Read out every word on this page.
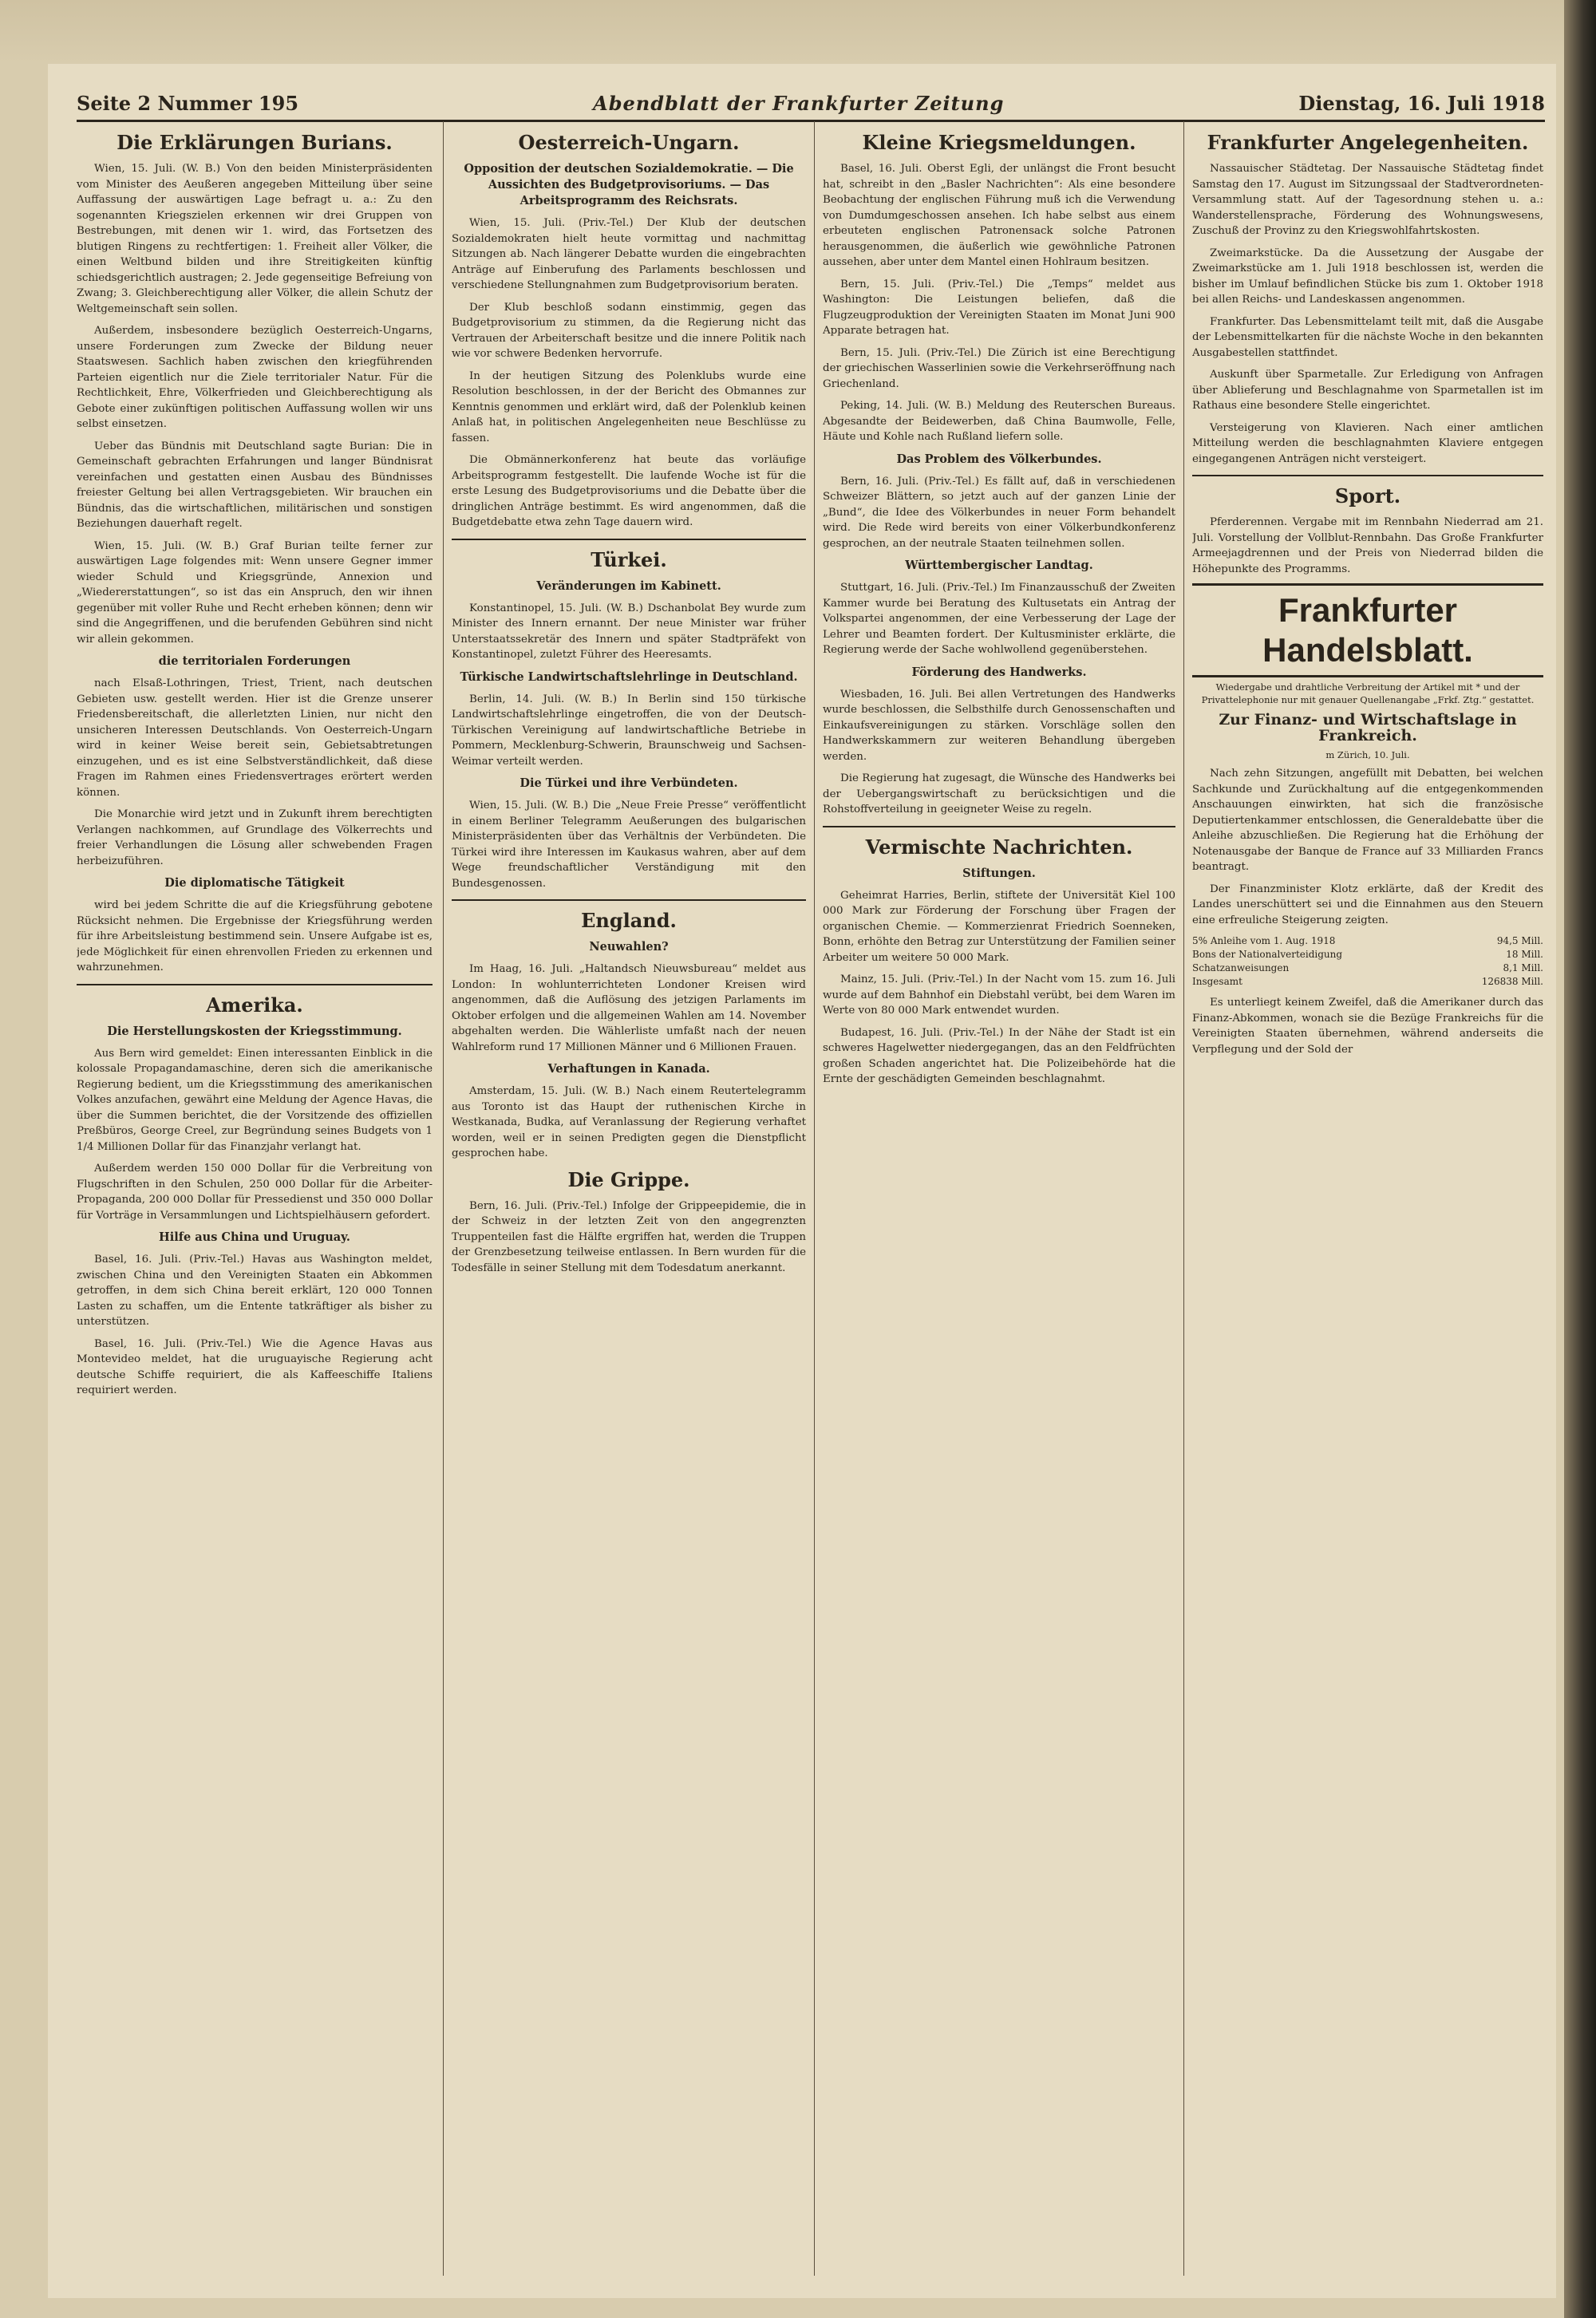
Seite 2 Nummer 195	Abendblatt der Frankfurter Zeitung	Dienstag, 16. Juli 1918
Die Erklärungen Burians.

Wien, 15. Juli. (W. B.) Von den beiden Ministerpräsidenten vom Minister des Aeußeren angegeben Mitteilung über seine Auffassung der auswärtigen Lage befragt u. a.: Zu den sogenannten Kriegszielen erkennen wir drei Gruppen von Bestrebungen, mit denen wir 1. wird, das Fortsetzen des blutigen Ringens zu rechtfertigen: 1. Freiheit aller Völker, die einen Weltbund bilden und ihre Streitigkeiten künftig schiedsgerichtlich austragen; 2. Jede gegenseitige Befreiung von Zwang; 3. Gleichberechtigung aller Völker, die allein Schutz der Weltgemeinschaft sein sollen.

Außerdem, insbesondere bezüglich Oesterreich-Ungarns, unsere Forderungen zum Zwecke der Bildung neuer Staatswesen. Sachlich haben zwischen den kriegführenden Parteien eigentlich nur die Ziele territorialer Natur. Für die Rechtlichkeit, Ehre, Völkerfrieden und Gleichberechtigung als Gebote einer zukünftigen politischen Auffassung wollen wir uns selbst einsetzen.

Ueber das Bündnis mit Deutschland sagte Burian: Die in Gemeinschaft gebrachten Erfahrungen und langer Bündnisrat vereinfachen und gestatten einen Ausbau des Bündnisses freiester Geltung bei allen Vertragsgebieten. Wir brauchen ein Bündnis, das die wirtschaftlichen, militärischen und sonstigen Beziehungen dauerhaft regelt.

Wien, 15. Juli. (W. B.) Graf Burian teilte ferner zur auswärtigen Lage folgendes mit: Wenn unsere Gegner immer wieder Schuld und Kriegsgründe, Annexion und „Wiedererstattungen“, so ist das ein Anspruch, den wir ihnen gegenüber mit voller Ruhe und Recht erheben können; denn wir sind die Angegriffenen, und die berufenden Gebühren sind nicht wir allein gekommen.

die territorialen Forderungen

nach Elsaß-Lothringen, Triest, Trient, nach deutschen Gebieten usw. gestellt werden. Hier ist die Grenze unserer Friedensbereitschaft, die allerletzten Linien, nur nicht den unsicheren Interessen Deutschlands. Von Oesterreich-Ungarn wird in keiner Weise bereit sein, Gebietsabtretungen einzugehen, und es ist eine Selbstverständlichkeit, daß diese Fragen im Rahmen eines Friedensvertrages erörtert werden können.

Die Monarchie wird jetzt und in Zukunft ihrem berechtigten Verlangen nachkommen, auf Grundlage des Völkerrechts und freier Verhandlungen die Lösung aller schwebenden Fragen herbeizuführen.

Die diplomatische Tätigkeit

wird bei jedem Schritte die auf die Kriegsführung gebotene Rücksicht nehmen. Die Ergebnisse der Kriegsführung werden für ihre Arbeitsleistung bestimmend sein. Unsere Aufgabe ist es, jede Möglichkeit für einen ehrenvollen Frieden zu erkennen und wahrzunehmen.

Amerika.
Die Herstellungskosten der Kriegsstimmung.

Aus Bern wird gemeldet: Einen interessanten Einblick in die kolossale Propagandamaschine, deren sich die amerikanische Regierung bedient, um die Kriegsstimmung des amerikanischen Volkes anzufachen, gewährt eine Meldung der Agence Havas, die über die Summen berichtet, die der Vorsitzende des offiziellen Preßbüros, George Creel, zur Begründung seines Budgets von 1 1/4 Millionen Dollar für das Finanzjahr verlangt hat.

Außerdem werden 150 000 Dollar für die Verbreitung von Flugschriften in den Schulen, 250 000 Dollar für die Arbeiter-Propaganda, 200 000 Dollar für Pressedienst und 350 000 Dollar für Vorträge in Versammlungen und Lichtspielhäusern gefordert.

Hilfe aus China und Uruguay.

Basel, 16. Juli. (Priv.-Tel.) Havas aus Washington meldet, zwischen China und den Vereinigten Staaten ein Abkommen getroffen, in dem sich China bereit erklärt, 120 000 Tonnen Lasten zu schaffen, um die Entente tatkräftiger als bisher zu unterstützen.

Basel, 16. Juli. (Priv.-Tel.) Wie die Agence Havas aus Montevideo meldet, hat die uruguayische Regierung acht deutsche Schiffe requiriert, die als Kaffeeschiffe Italiens requiriert werden.

Oesterreich-Ungarn.
Opposition der deutschen Sozialdemokratie. — Die Aussichten des Budgetprovisoriums. — Das Arbeitsprogramm des Reichsrats.

Wien, 15. Juli. (Priv.-Tel.) Der Klub der deutschen Sozialdemokraten hielt heute vormittag und nachmittag Sitzungen ab. Nach längerer Debatte wurden die eingebrachten Anträge auf Einberufung des Parlaments beschlossen und verschiedene Stellungnahmen zum Budgetprovisorium beraten.

Der Klub beschloß sodann einstimmig, gegen das Budgetprovisorium zu stimmen, da die Regierung nicht das Vertrauen der Arbeiterschaft besitze und die innere Politik nach wie vor schwere Bedenken hervorrufe.

In der heutigen Sitzung des Polenklubs wurde eine Resolution beschlossen, in der der Bericht des Obmannes zur Kenntnis genommen und erklärt wird, daß der Polenklub keinen Anlaß hat, in politischen Angelegenheiten neue Beschlüsse zu fassen.

Die Obmännerkonferenz hat beute das vorläufige Arbeitsprogramm festgestellt. Die laufende Woche ist für die erste Lesung des Budgetprovisoriums und die Debatte über die dringlichen Anträge bestimmt. Es wird angenommen, daß die Budgetdebatte etwa zehn Tage dauern wird.

Türkei.
Veränderungen im Kabinett.

Konstantinopel, 15. Juli. (W. B.) Dschanbolat Bey wurde zum Minister des Innern ernannt. Der neue Minister war früher Unterstaatssekretär des Innern und später Stadtpräfekt von Konstantinopel, zuletzt Führer des Heeresamts.

Türkische Landwirtschaftslehrlinge in Deutschland.

Berlin, 14. Juli. (W. B.) In Berlin sind 150 türkische Landwirtschaftslehrlinge eingetroffen, die von der Deutsch-Türkischen Vereinigung auf landwirtschaftliche Betriebe in Pommern, Mecklenburg-Schwerin, Braunschweig und Sachsen-Weimar verteilt werden.

Die Türkei und ihre Verbündeten.

Wien, 15. Juli. (W. B.) Die „Neue Freie Presse“ veröffentlicht in einem Berliner Telegramm Aeußerungen des bulgarischen Ministerpräsidenten über das Verhältnis der Verbündeten. Die Türkei wird ihre Interessen im Kaukasus wahren, aber auf dem Wege freundschaftlicher Verständigung mit den Bundesgenossen.

England.
Neuwahlen?

Im Haag, 16. Juli. „Haltandsch Nieuwsbureau“ meldet aus London: In wohlunterrichteten Londoner Kreisen wird angenommen, daß die Auflösung des jetzigen Parlaments im Oktober erfolgen und die allgemeinen Wahlen am 14. November abgehalten werden. Die Wählerliste umfaßt nach der neuen Wahlreform rund 17 Millionen Männer und 6 Millionen Frauen.

Verhaftungen in Kanada.

Amsterdam, 15. Juli. (W. B.) Nach einem Reutertelegramm aus Toronto ist das Haupt der ruthenischen Kirche in Westkanada, Budka, auf Veranlassung der Regierung verhaftet worden, weil er in seinen Predigten gegen die Dienstpflicht gesprochen habe.

Die Grippe.

Bern, 16. Juli. (Priv.-Tel.) Infolge der Grippeepidemie, die in der Schweiz in der letzten Zeit von den angegrenzten Truppenteilen fast die Hälfte ergriffen hat, werden die Truppen der Grenzbesetzung teilweise entlassen. In Bern wurden für die Todesfälle in seiner Stellung mit dem Todesdatum anerkannt.

Kleine Kriegsmeldungen.

Basel, 16. Juli. Oberst Egli, der unlängst die Front besucht hat, schreibt in den „Basler Nachrichten“: Als eine besondere Beobachtung der englischen Führung muß ich die Verwendung von Dumdumgeschossen ansehen. Ich habe selbst aus einem erbeuteten englischen Patronensack solche Patronen herausgenommen, die äußerlich wie gewöhnliche Patronen aussehen, aber unter dem Mantel einen Hohlraum besitzen.

Bern, 15. Juli. (Priv.-Tel.) Die „Temps“ meldet aus Washington: Die Leistungen beliefen, daß die Flugzeugproduktion der Vereinigten Staaten im Monat Juni 900 Apparate betragen hat.

Bern, 15. Juli. (Priv.-Tel.) Die Zürich ist eine Berechtigung der griechischen Wasserlinien sowie die Verkehrseröffnung nach Griechenland.

Peking, 14. Juli. (W. B.) Meldung des Reuterschen Bureaus. Abgesandte der Beidewerben, daß China Baumwolle, Felle, Häute und Kohle nach Rußland liefern solle.

Das Problem des Völkerbundes.

Bern, 16. Juli. (Priv.-Tel.) Es fällt auf, daß in verschiedenen Schweizer Blättern, so jetzt auch auf der ganzen Linie der „Bund“, die Idee des Völkerbundes in neuer Form behandelt wird. Die Rede wird bereits von einer Völkerbundkonferenz gesprochen, an der neutrale Staaten teilnehmen sollen.

Württembergischer Landtag.

Stuttgart, 16. Juli. (Priv.-Tel.) Im Finanzausschuß der Zweiten Kammer wurde bei Beratung des Kultusetats ein Antrag der Volkspartei angenommen, der eine Verbesserung der Lage der Lehrer und Beamten fordert. Der Kultusminister erklärte, die Regierung werde der Sache wohlwollend gegenüberstehen.

Förderung des Handwerks.

Wiesbaden, 16. Juli. Bei allen Vertretungen des Handwerks wurde beschlossen, die Selbsthilfe durch Genossenschaften und Einkaufsvereinigungen zu stärken. Vorschläge sollen den Handwerkskammern zur weiteren Behandlung übergeben werden.

Die Regierung hat zugesagt, die Wünsche des Handwerks bei der Uebergangswirtschaft zu berücksichtigen und die Rohstoffverteilung in geeigneter Weise zu regeln.

Vermischte Nachrichten.
Stiftungen.

Geheimrat Harries, Berlin, stiftete der Universität Kiel 100 000 Mark zur Förderung der Forschung über Fragen der organischen Chemie. — Kommerzienrat Friedrich Soenneken, Bonn, erhöhte den Betrag zur Unterstützung der Familien seiner Arbeiter um weitere 50 000 Mark.

Mainz, 15. Juli. (Priv.-Tel.) In der Nacht vom 15. zum 16. Juli wurde auf dem Bahnhof ein Diebstahl verübt, bei dem Waren im Werte von 80 000 Mark entwendet wurden.

Budapest, 16. Juli. (Priv.-Tel.) In der Nähe der Stadt ist ein schweres Hagelwetter niedergegangen, das an den Feldfrüchten großen Schaden angerichtet hat. Die Polizeibehörde hat die Ernte der geschädigten Gemeinden beschlagnahmt.

Frankfurter Angelegenheiten.

Nassauischer Städtetag. Der Nassauische Städtetag findet Samstag den 17. August im Sitzungssaal der Stadtverordneten-Versammlung statt. Auf der Tagesordnung stehen u. a.: Wanderstellensprache, Förderung des Wohnungswesens, Zuschuß der Provinz zu den Kriegswohlfahrtskosten.

Zweimarkstücke. Da die Aussetzung der Ausgabe der Zweimarkstücke am 1. Juli 1918 beschlossen ist, werden die bisher im Umlauf befindlichen Stücke bis zum 1. Oktober 1918 bei allen Reichs- und Landeskassen angenommen.

Frankfurter. Das Lebensmittelamt teilt mit, daß die Ausgabe der Lebensmittelkarten für die nächste Woche in den bekannten Ausgabestellen stattfindet.

Auskunft über Sparmetalle. Zur Erledigung von Anfragen über Ablieferung und Beschlagnahme von Sparmetallen ist im Rathaus eine besondere Stelle eingerichtet.

Versteigerung von Klavieren. Nach einer amtlichen Mitteilung werden die beschlagnahmten Klaviere entgegen eingegangenen Anträgen nicht versteigert.

Sport.

Pferderennen. Vergabe mit im Rennbahn Niederrad am 21. Juli. Vorstellung der Vollblut-Rennbahn. Das Große Frankfurter Armeejagdrennen und der Preis von Niederrad bilden die Höhepunkte des Programms.

Frankfurter Handelsblatt.
Wiedergabe und drahtliche Verbreitung der Artikel mit * und der Privattelephonie nur mit genauer Quellenangabe „Frkf. Ztg.“ gestattet.
Zur Finanz- und Wirtschaftslage in Frankreich.
m Zürich, 10. Juli.

Nach zehn Sitzungen, angefüllt mit Debatten, bei welchen Sachkunde und Zurückhaltung auf die entgegenkommenden Anschauungen einwirkten, hat sich die französische Deputiertenkammer entschlossen, die Generaldebatte über die Anleihe abzuschließen. Die Regierung hat die Erhöhung der Notenausgabe der Banque de France auf 33 Milliarden Francs beantragt.

Der Finanzminister Klotz erklärte, daß der Kredit des Landes unerschüttert sei und die Einnahmen aus den Steuern eine erfreuliche Steigerung zeigten.

5% Anleihe vom 1. Aug. 1918	94,5 Mill.
Bons der Nationalverteidigung	18 Mill.
Schatzanweisungen	8,1 Mill.
Insgesamt	126838 Mill.

Es unterliegt keinem Zweifel, daß die Amerikaner durch das Finanz-Abkommen, wonach sie die Bezüge Frankreichs für die Vereinigten Staaten übernehmen, während anderseits die Verpflegung und der Sold der
